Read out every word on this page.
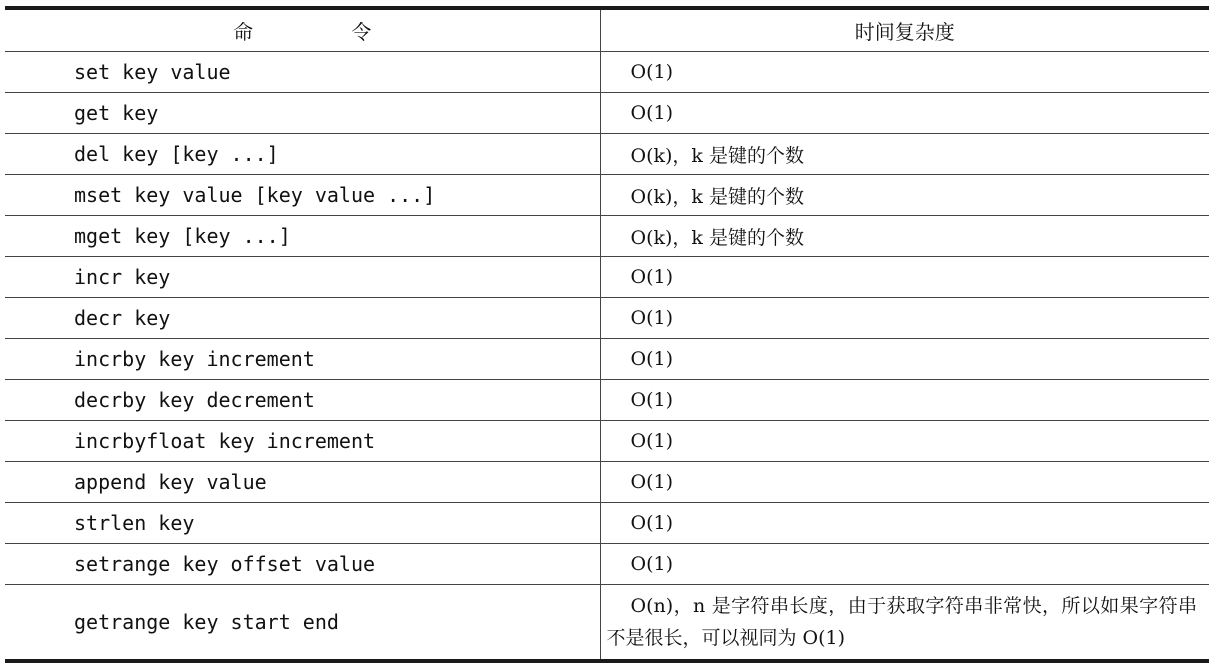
命 令	时间复杂度
set key value	O(1)

get key	O(1)

del key [key ...]	O(k)，k 是键的个数

mset key value [key value ...]	O(k)，k 是键的个数

mget key [key ...]	O(k)，k 是键的个数

incr key	O(1)

decr key	O(1)

incrby key increment	O(1)

decrby key decrement	O(1)

incrbyfloat key increment	O(1)

append key value	O(1)

strlen key	O(1)

setrange key offset value	O(1)

getrange key start end	O(n)，n 是字符串长度，由于获取字符串非常快，所以如果字符串不是很长，可以视同为 O(1)
